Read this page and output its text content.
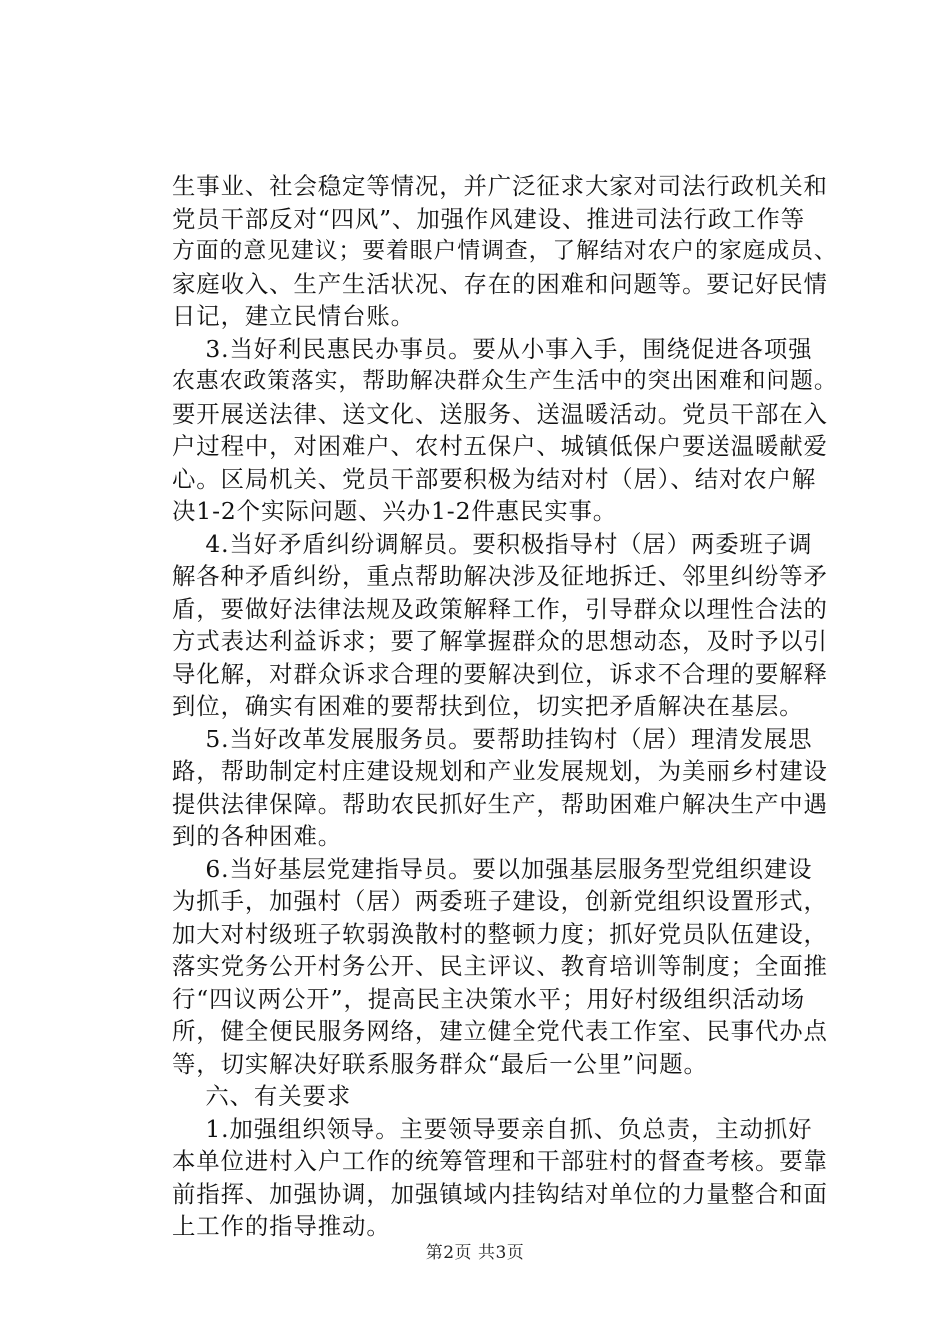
生事业、社会稳定等情况，并广泛征求大家对司法行政机关和
党员干部反对“四风”、加强作风建设、推进司法行政工作等
方面的意见建议；要着眼户情调查，了解结对农户的家庭成员、
家庭收入、生产生活状况、存在的困难和问题等。要记好民情
日记，建立民情台账。
3.当好利民惠民办事员。要从小事入手，围绕促进各项强
农惠农政策落实，帮助解决群众生产生活中的突出困难和问题。
要开展送法律、送文化、送服务、送温暖活动。党员干部在入
户过程中，对困难户、农村五保户、城镇低保户要送温暖献爱
心。区局机关、党员干部要积极为结对村（居）、结对农户解
决1-2个实际问题、兴办1-2件惠民实事。
4.当好矛盾纠纷调解员。要积极指导村（居）两委班子调
解各种矛盾纠纷，重点帮助解决涉及征地拆迁、邻里纠纷等矛
盾，要做好法律法规及政策解释工作，引导群众以理性合法的
方式表达利益诉求；要了解掌握群众的思想动态，及时予以引
导化解，对群众诉求合理的要解决到位，诉求不合理的要解释
到位，确实有困难的要帮扶到位，切实把矛盾解决在基层。
5.当好改革发展服务员。要帮助挂钩村（居）理清发展思
路，帮助制定村庄建设规划和产业发展规划，为美丽乡村建设
提供法律保障。帮助农民抓好生产，帮助困难户解决生产中遇
到的各种困难。
6.当好基层党建指导员。要以加强基层服务型党组织建设
为抓手，加强村（居）两委班子建设，创新党组织设置形式，
加大对村级班子软弱涣散村的整顿力度；抓好党员队伍建设，
落实党务公开村务公开、民主评议、教育培训等制度；全面推
行“四议两公开”，提高民主决策水平；用好村级组织活动场
所，健全便民服务网络，建立健全党代表工作室、民事代办点
等，切实解决好联系服务群众“最后一公里”问题。
六、有关要求
1.加强组织领导。主要领导要亲自抓、负总责，主动抓好
本单位进村入户工作的统筹管理和干部驻村的督查考核。要靠
前指挥、加强协调，加强镇域内挂钩结对单位的力量整合和面
上工作的指导推动。
第2页 共3页
